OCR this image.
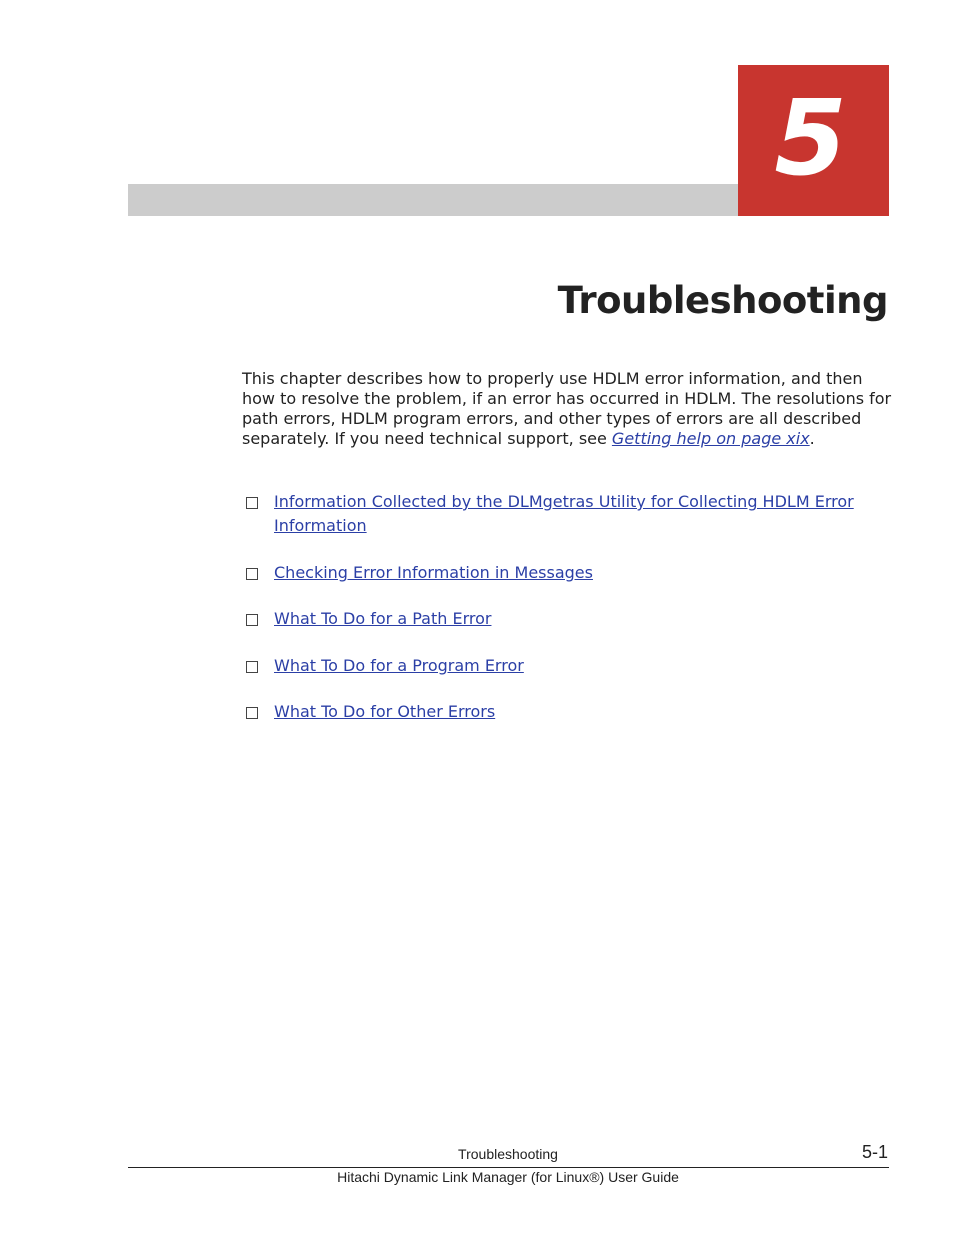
5
Troubleshooting

This chapter describes how to properly use HDLM error information, and then how to resolve the problem, if an error has occurred in HDLM. The resolutions for path errors, HDLM program errors, and other types of errors are all described separately. If you need technical support, see Getting help on page xix.

Information Collected by the DLMgetras Utility for Collecting HDLM Error Information
Checking Error Information in Messages
What To Do for a Path Error
What To Do for a Program Error
What To Do for Other Errors
Troubleshooting	5-1
Hitachi Dynamic Link Manager (for Linux®) User Guide
